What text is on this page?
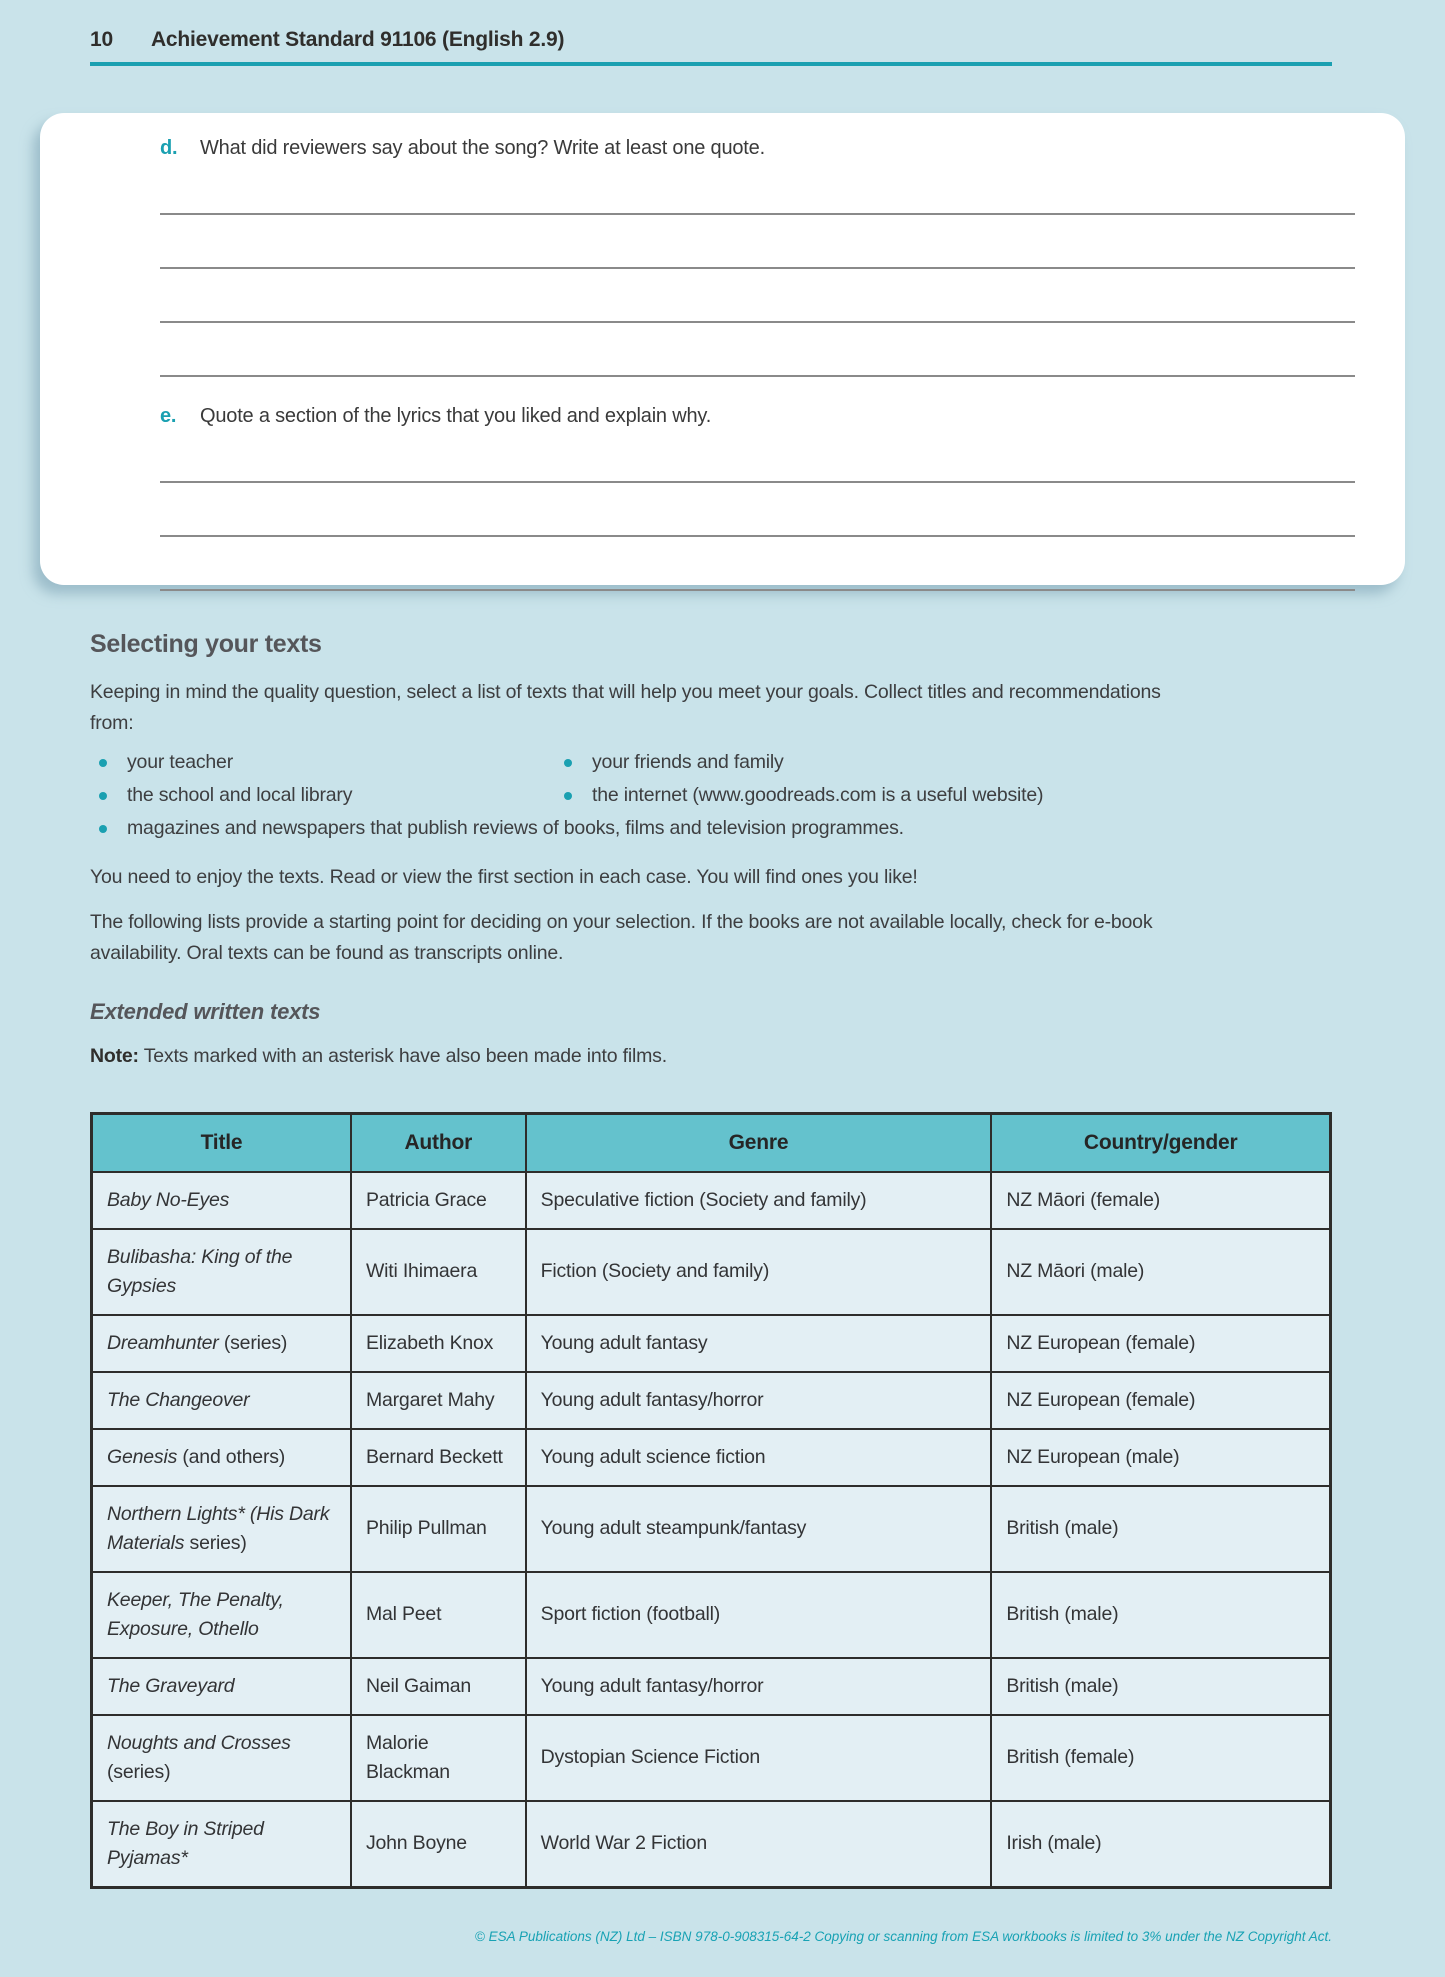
10 Achievement Standard 91106 (English 2.9)
d.	What did reviewers say about the song? Write at least one quote.
e.	Quote a section of the lyrics that you liked and explain why.
Selecting your texts

Keeping in mind the quality question, select a list of texts that will help you meet your goals. Collect titles and recommendations from:

your teacher	your friends and family
the school and local library	the internet (www.goodreads.com is a useful website)
magazines and newspapers that publish reviews of books, films and television programmes.

You need to enjoy the texts. Read or view the first section in each case. You will find ones you like!

The following lists provide a starting point for deciding on your selection. If the books are not available locally, check for e-book availability. Oral texts can be found as transcripts online.

Extended written texts

Note: Texts marked with an asterisk have also been made into films.

Title	Author	Genre	Country/gender
Baby No-Eyes	Patricia Grace	Speculative fiction (Society and family)	NZ Māori (female)
Bulibasha: King of the Gypsies	Witi Ihimaera	Fiction (Society and family)	NZ Māori (male)
Dreamhunter (series)	Elizabeth Knox	Young adult fantasy	NZ European (female)
The Changeover	Margaret Mahy	Young adult fantasy/horror	NZ European (female)
Genesis (and others)	Bernard Beckett	Young adult science fiction	NZ European (male)
Northern Lights* (His Dark Materials series)	Philip Pullman	Young adult steampunk/fantasy	British (male)
Keeper, The Penalty, Exposure, Othello	Mal Peet	Sport fiction (football)	British (male)
The Graveyard	Neil Gaiman	Young adult fantasy/horror	British (male)
Noughts and Crosses (series)	Malorie Blackman	Dystopian Science Fiction	British (female)
The Boy in Striped Pyjamas*	John Boyne	World War 2 Fiction	Irish (male)
© ESA Publications (NZ) Ltd – ISBN 978-0-908315-64-2 Copying or scanning from ESA workbooks is limited to 3% under the NZ Copyright Act.
